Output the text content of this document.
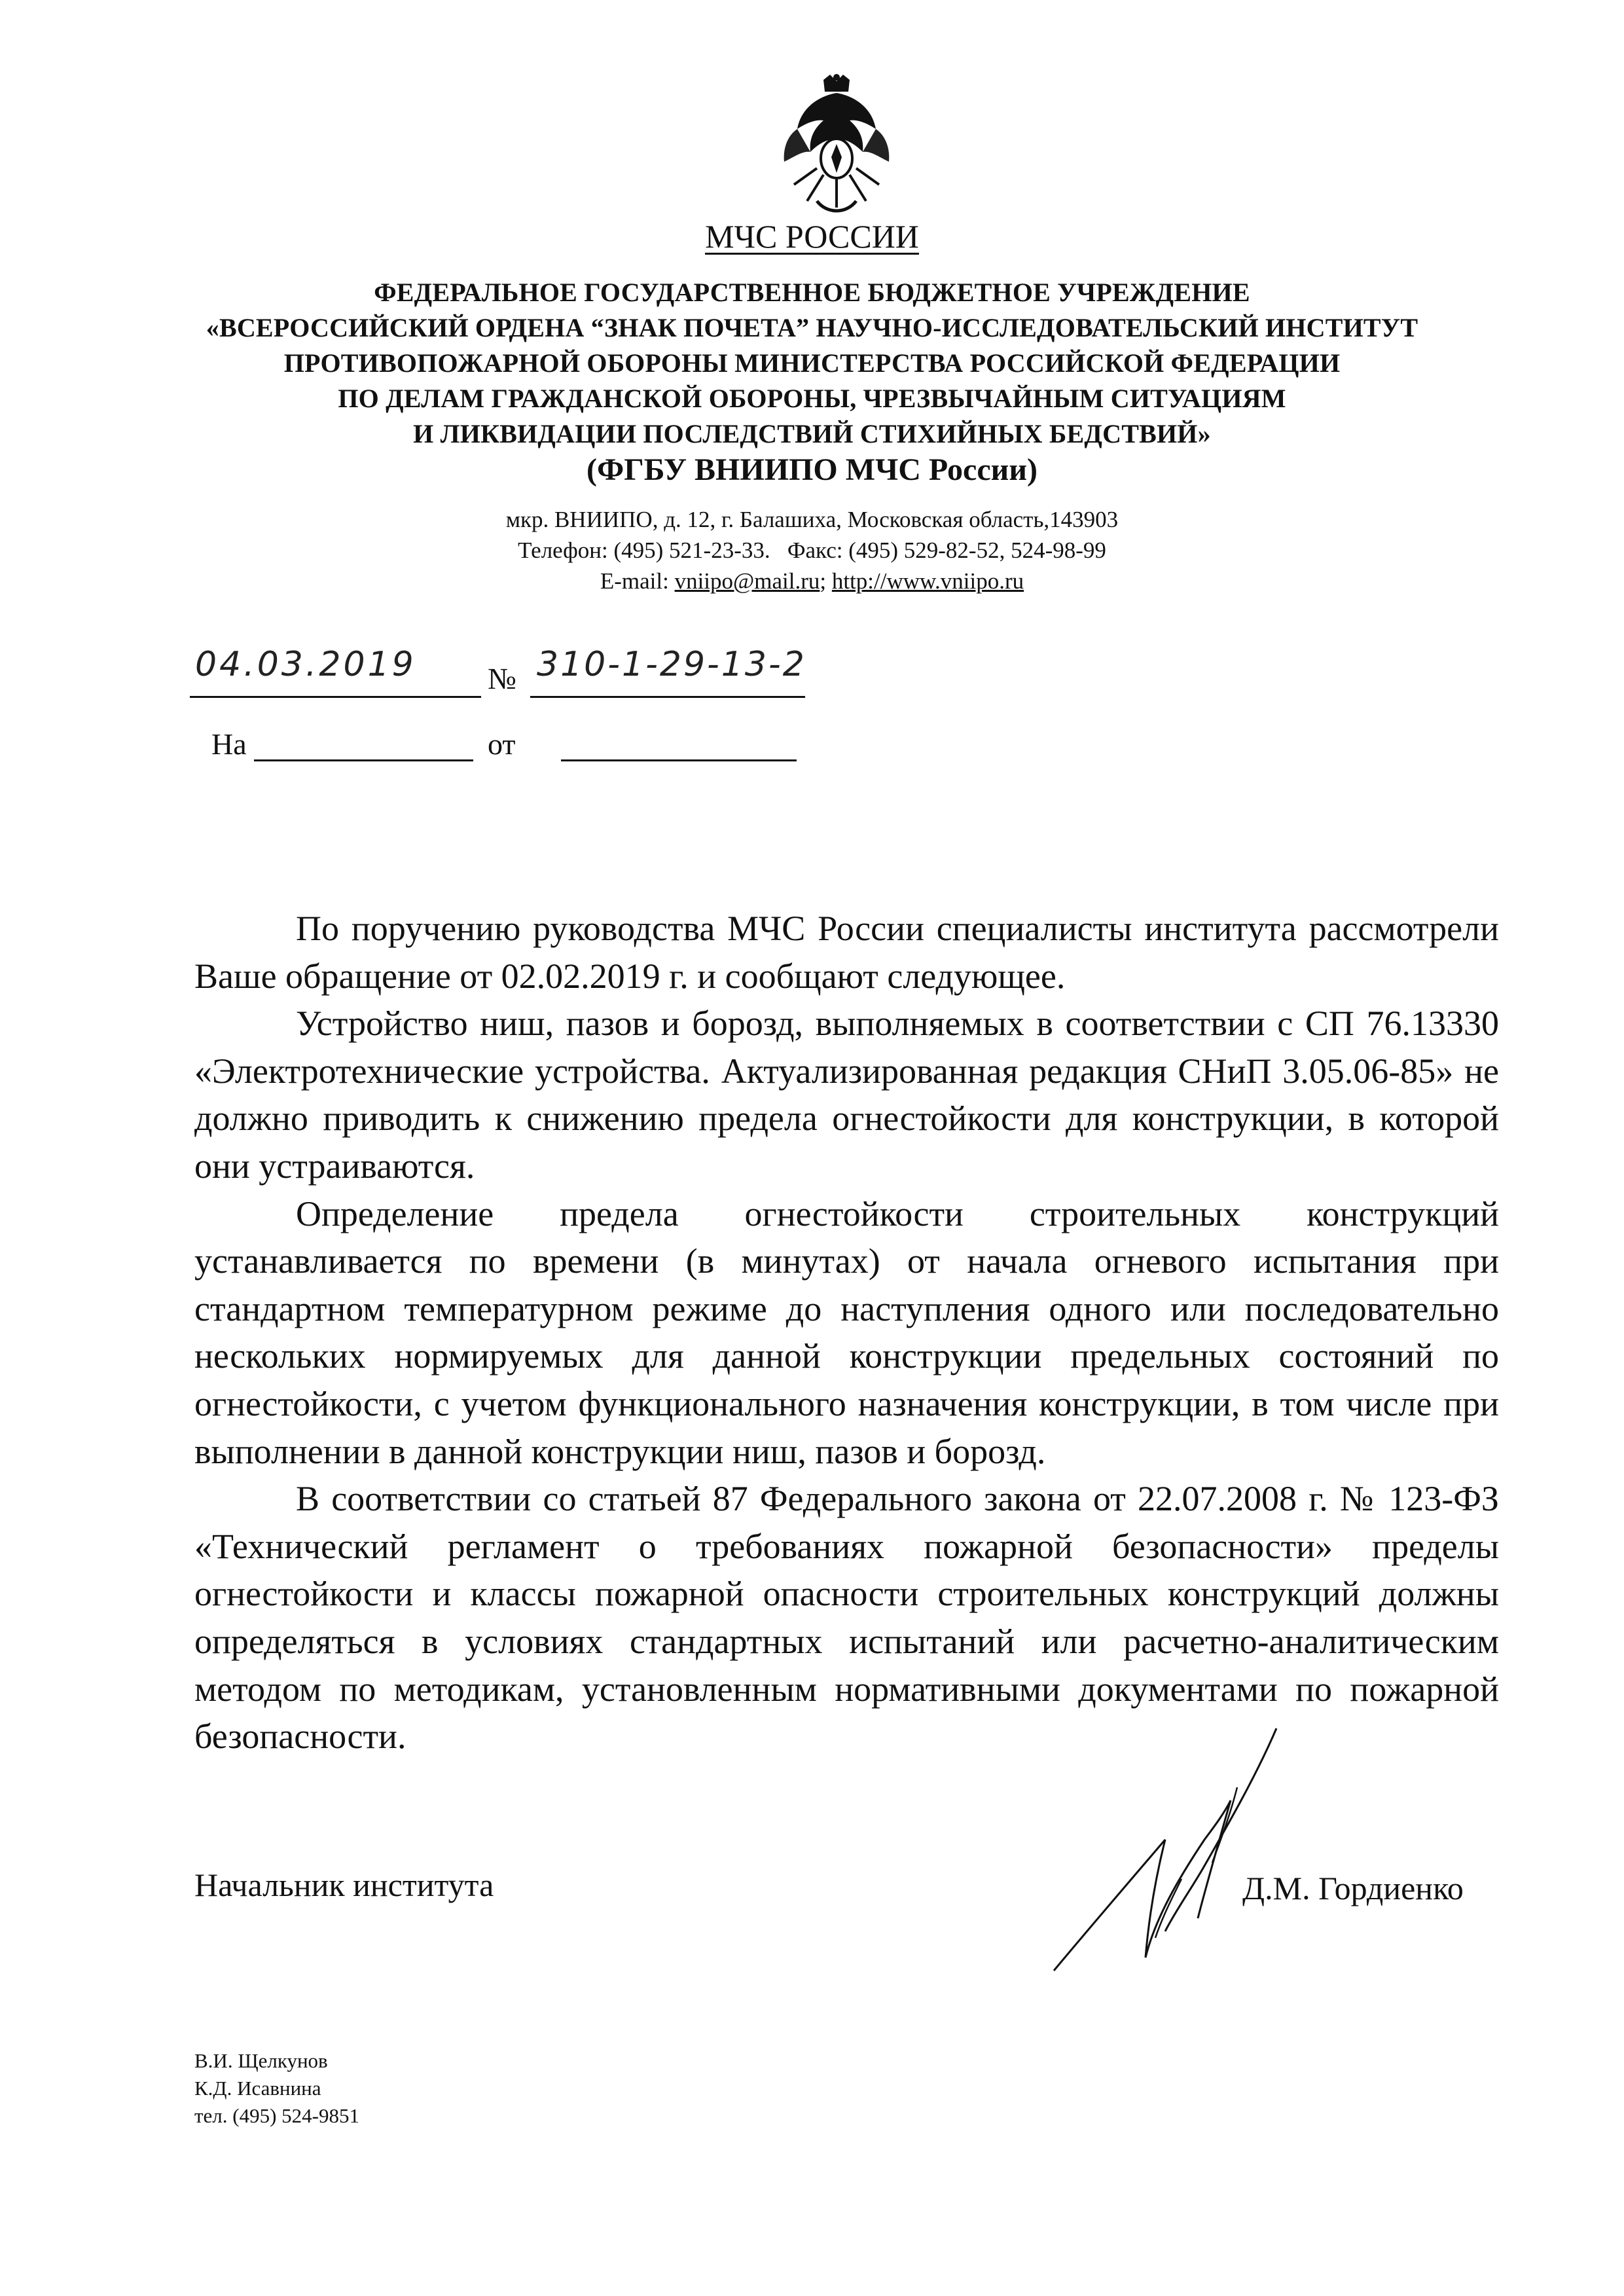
МЧС РОССИИ
ФЕДЕРАЛЬНОЕ ГОСУДАРСТВЕННОЕ БЮДЖЕТНОЕ УЧРЕЖДЕНИЕ
«ВСЕРОССИЙСКИЙ ОРДЕНА “ЗНАК ПОЧЕТА” НАУЧНО-ИССЛЕДОВАТЕЛЬСКИЙ ИНСТИТУТ
ПРОТИВОПОЖАРНОЙ ОБОРОНЫ МИНИСТЕРСТВА РОССИЙСКОЙ ФЕДЕРАЦИИ
ПО ДЕЛАМ ГРАЖДАНСКОЙ ОБОРОНЫ, ЧРЕЗВЫЧАЙНЫМ СИТУАЦИЯМ
И ЛИКВИДАЦИИ ПОСЛЕДСТВИЙ СТИХИЙНЫХ БЕДСТВИЙ»
(ФГБУ ВНИИПО МЧС России)
мкр. ВНИИПО, д. 12, г. Балашиха, Московская область,143903
Телефон: (495) 521-23-33.   Факс: (495) 529-82-52, 524-98-99
E-mail: vniipo@mail.ru; http://www.vniipo.ru
04.03.2019 № 310-1-29-13-2
На	от

По поручению руководства МЧС России специалисты института рассмотрели Ваше обращение от 02.02.2019 г. и сообщают следующее.

Устройство ниш, пазов и борозд, выполняемых в соответствии с СП 76.13330 «Электротехнические устройства. Актуализированная редакция СНиП 3.05.06-85» не должно приводить к снижению предела огнестойкости для конструкции, в которой они устраиваются.

Определение предела огнестойкости строительных конструкций устанавливается по времени (в минутах) от начала огневого испытания при стандартном температурном режиме до наступления одного или последовательно нескольких нормируемых для данной конструкции предельных состояний по огнестойкости, с учетом функционального назначения конструкции, в том числе при выполнении в данной конструкции ниш, пазов и борозд.

В соответствии со статьей 87 Федерального закона от 22.07.2008 г. № 123-ФЗ «Технический регламент о требованиях пожарной безопасности» пределы огнестойкости и классы пожарной опасности строительных конструкций должны определяться в условиях стандартных испытаний или расчетно-аналитическим методом по методикам, установленным нормативными документами по пожарной безопасности.

Начальник института	Д.М. Гордиенко
В.И. Щелкунов
К.Д. Исавнина
тел. (495) 524-9851
